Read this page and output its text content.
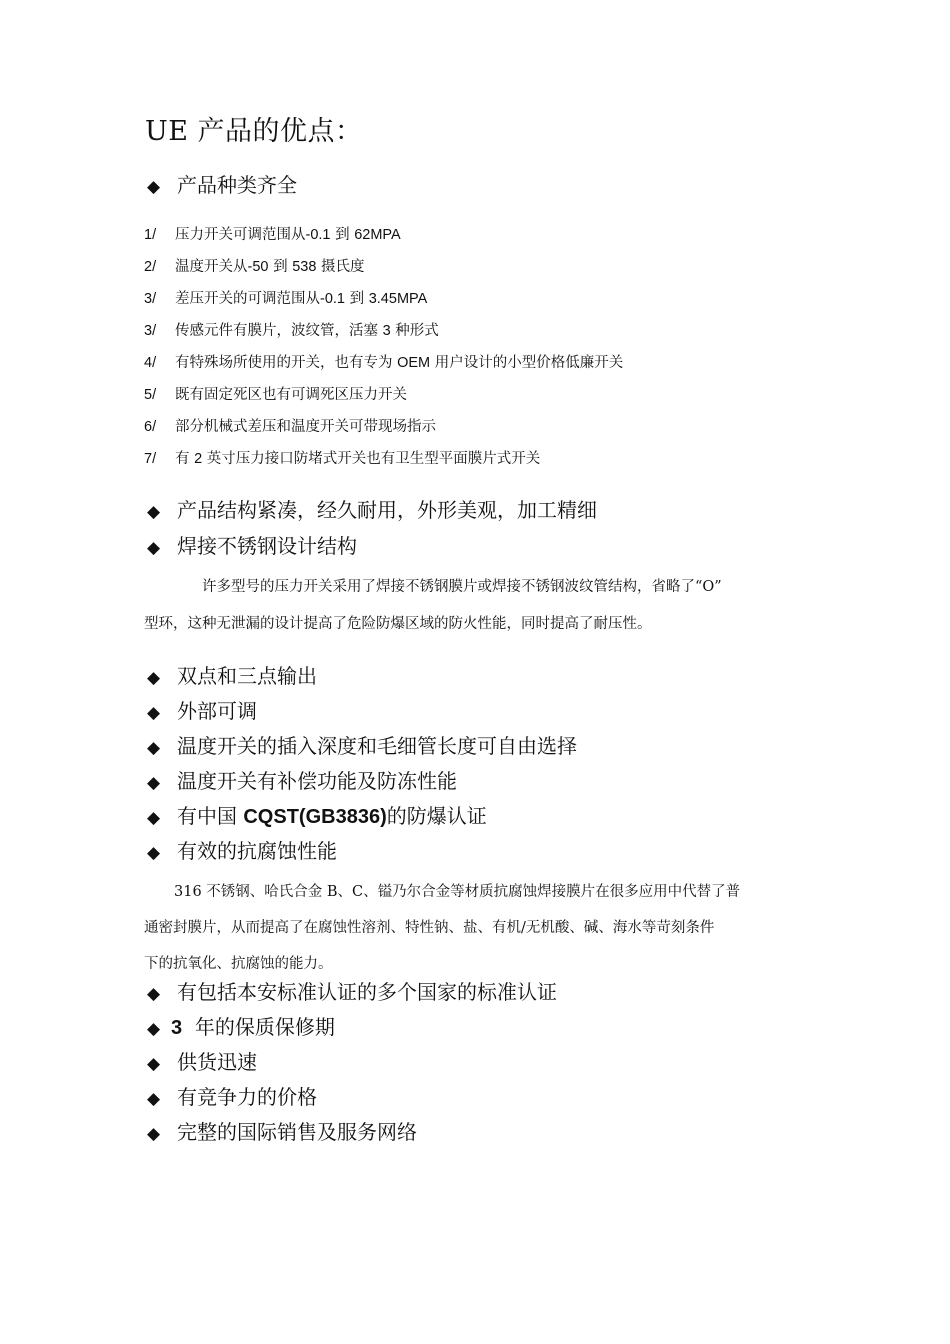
UE 产品的优点：
◆ 产品种类齐全
1/ 压力开关可调范围从-0.1 到 62MPA
2/ 温度开关从-50 到 538 摄氏度
3/ 差压开关的可调范围从-0.1 到 3.45MPA
3/ 传感元件有膜片，波纹管，活塞 3 种形式
4/ 有特殊场所使用的开关，也有专为 OEM 用户设计的小型价格低廉开关
5/ 既有固定死区也有可调死区压力开关
6/ 部分机械式差压和温度开关可带现场指示
7/ 有 2 英寸压力接口防堵式开关也有卫生型平面膜片式开关
◆ 产品结构紧凑，经久耐用，外形美观，加工精细
◆ 焊接不锈钢设计结构
许多型号的压力开关采用了焊接不锈钢膜片或焊接不锈钢波纹管结构，省略了“O”
型环，这种无泄漏的设计提高了危险防爆区域的防火性能，同时提高了耐压性。
◆ 双点和三点输出
◆ 外部可调
◆ 温度开关的插入深度和毛细管长度可自由选择
◆ 温度开关有补偿功能及防冻性能
◆ 有中国 CQST(GB3836)的防爆认证
◆ 有效的抗腐蚀性能
316 不锈钢、哈氏合金 B、C、镒乃尔合金等材质抗腐蚀焊接膜片在很多应用中代替了普
通密封膜片，从而提高了在腐蚀性溶剂、特性钠、盐、有机/无机酸、碱、海水等苛刻条件
下的抗氧化、抗腐蚀的能力。
◆ 有包括本安标准认证的多个国家的标准认证
◆ 3  年的保质保修期
◆ 供货迅速
◆ 有竞争力的价格
◆ 完整的国际销售及服务网络
